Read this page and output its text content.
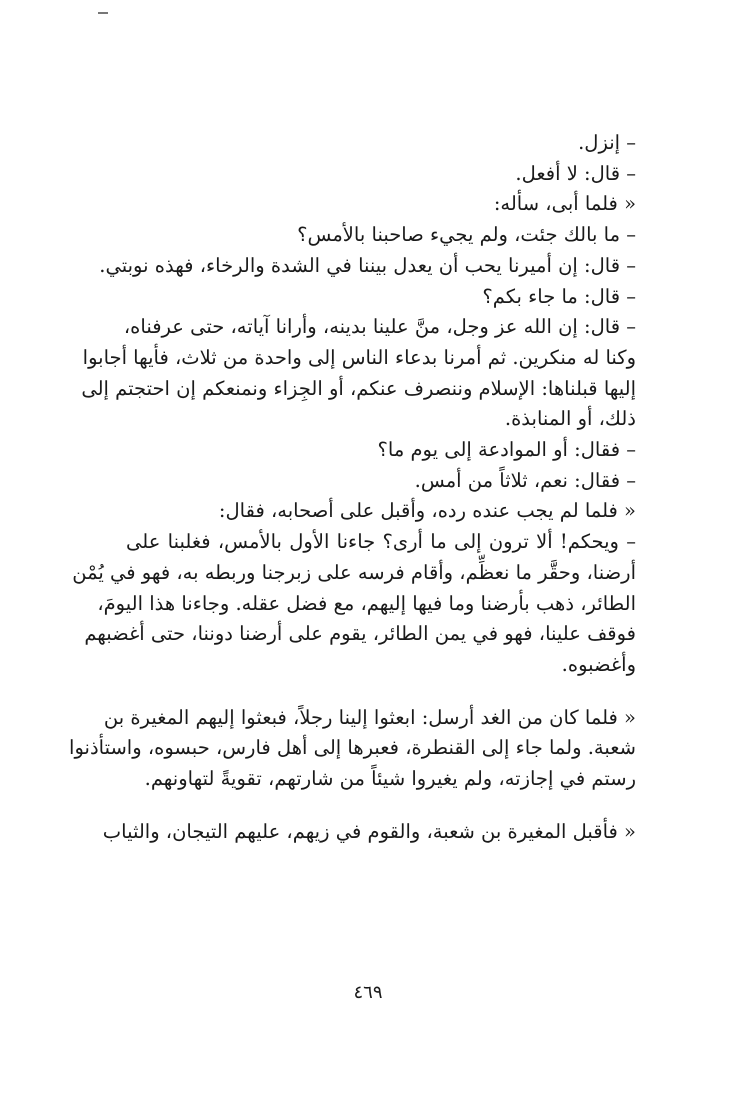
– إنزل.
– قال: لا أفعل.
« فلما أبى، سأله:
– ما بالك جئت، ولم يجيء صاحبنا بالأمس؟
– قال: إن أميرنا يحب أن يعدل بيننا في الشدة والرخاء، فهذه نوبتي.
– قال: ما جاء بكم؟
– قال: إن الله عز وجل، منَّ علينا بدينه، وأرانا آياته، حتى عرفناه،
وكنا له منكرين. ثم أمرنا بدعاء الناس إلى واحدة من ثلاث، فأيها أجابوا
إليها قبلناها: الإسلام وننصرف عنكم، أو الجِزاء ونمنعكم إن احتجتم إلى
ذلك، أو المنابذة.
– فقال: أو الموادعة إلى يوم ما؟
– فقال: نعم، ثلاثاً من أمس.
« فلما لم يجب عنده رده، وأقبل على أصحابه، فقال:
– ويحكم! ألا ترون إلى ما أرى؟ جاءنا الأول بالأمس، فغلبنا على
أرضنا، وحقَّر ما نعظِّم، وأقام فرسه على زبرجنا وربطه به، فهو في يُمْن
الطائر، ذهب بأرضنا وما فيها إليهم، مع فضل عقله. وجاءنا هذا اليومَ،
فوقف علينا، فهو في يمن الطائر، يقوم على أرضنا دوننا، حتى أغضبهم
وأغضبوه.
« فلما كان من الغد أرسل: ابعثوا إلينا رجلاً، فبعثوا إليهم المغيرة بن
شعبة. ولما جاء إلى القنطرة، فعبرها إلى أهل فارس، حبسوه، واستأذنوا
رستم في إجازته، ولم يغيروا شيئاً من شارتهم، تقويةً لتهاونهم.
« فأقبل المغيرة بن شعبة، والقوم في زيهم، عليهم التيجان، والثياب
٤٦٩
